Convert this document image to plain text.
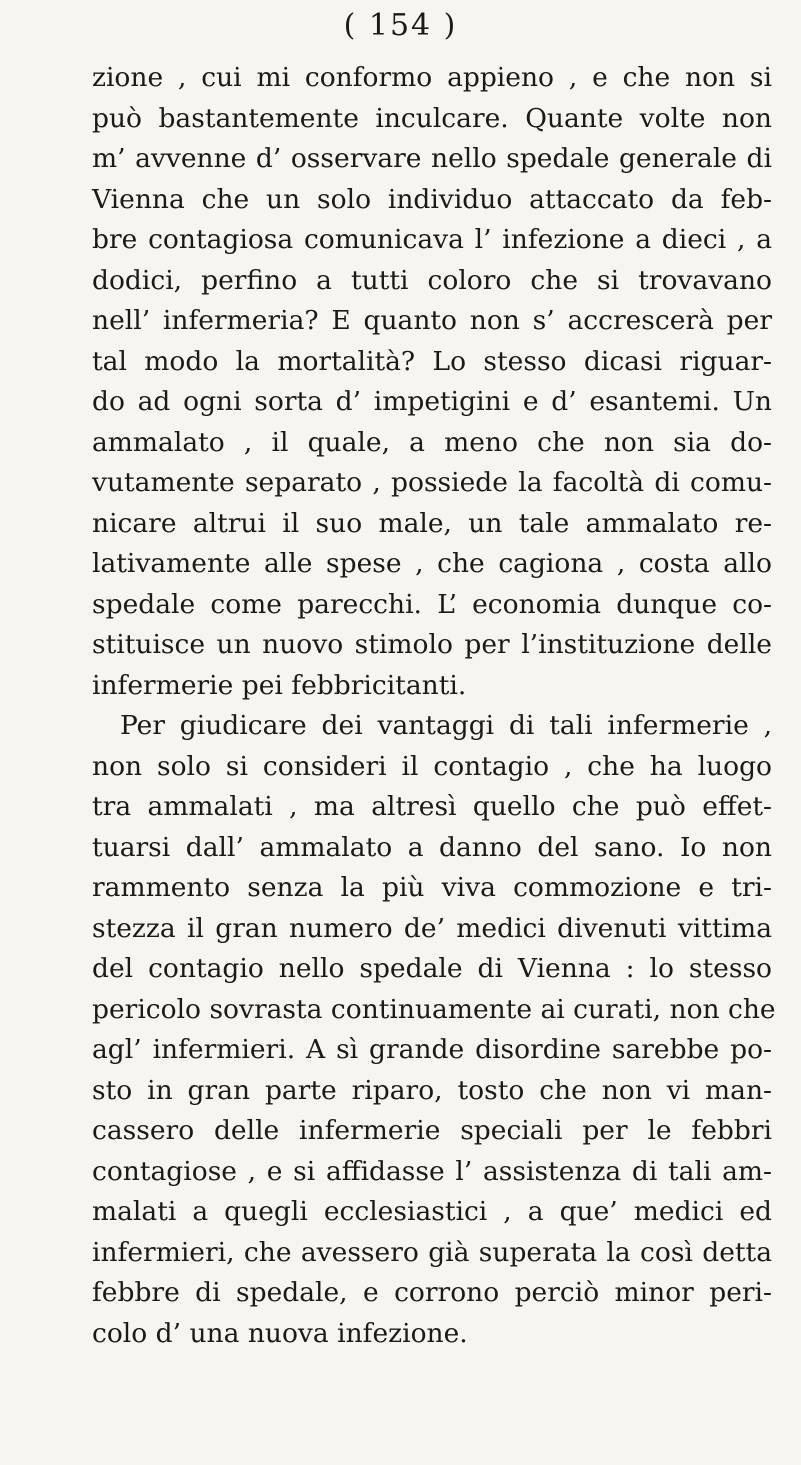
( 154 )
zione , cui mi conformo appieno , e che non si
può bastantemente inculcare. Quante volte non
m’ avvenne d’ osservare nello spedale generale di
Vienna che un solo individuo attaccato da feb-
bre contagiosa comunicava l’ infezione a dieci , a
dodici, perfino a tutti coloro che si trovavano
nell’ infermeria? E quanto non s’ accrescerà per
tal modo la mortalità? Lo stesso dicasi riguar-
do ad ogni sorta d’ impetigini e d’ esantemi. Un
ammalato , il quale, a meno che non sia do-
vutamente separato , possiede la facoltà di comu-
nicare altrui il suo male, un tale ammalato re-
lativamente alle spese , che cagiona , costa allo
spedale come parecchi. L’ economia dunque co-
stituisce un nuovo stimolo per l’instituzione delle
infermerie pei febbricitanti.
Per giudicare dei vantaggi di tali infermerie ,
non solo si consideri il contagio , che ha luogo
tra ammalati , ma altresì quello che può effet-
tuarsi dall’ ammalato a danno del sano. Io non
rammento senza la più viva commozione e tri-
stezza il gran numero de’ medici divenuti vittima
del contagio nello spedale di Vienna : lo stesso
pericolo sovrasta continuamente ai curati, non che
agl’ infermieri. A sì grande disordine sarebbe po-
sto in gran parte riparo, tosto che non vi man-
cassero delle infermerie speciali per le febbri
contagiose , e si affidasse l’ assistenza di tali am-
malati a quegli ecclesiastici , a que’ medici ed
infermieri, che avessero già superata la così detta
febbre di spedale, e corrono perciò minor peri-
colo d’ una nuova infezione.
